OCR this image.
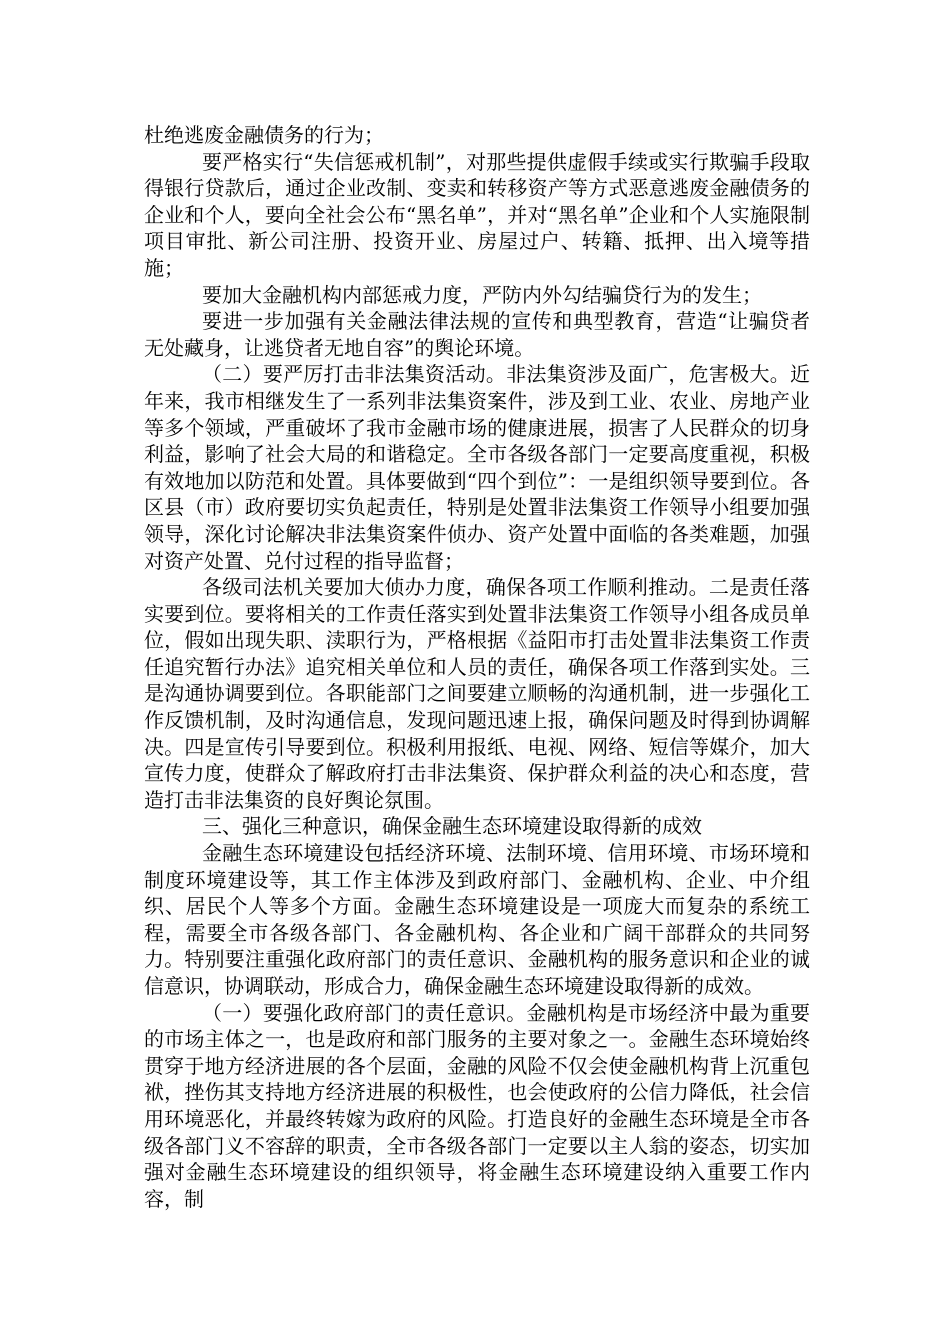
杜绝逃废金融债务的行为；

要严格实行“失信惩戒机制”，对那些提供虚假手续或实行欺骗手段取得银行贷款后，通过企业改制、变卖和转移资产等方式恶意逃废金融债务的企业和个人，要向全社会公布“黑名单”，并对“黑名单”企业和个人实施限制项目审批、新公司注册、投资开业、房屋过户、转籍、抵押、出入境等措施；

要加大金融机构内部惩戒力度，严防内外勾结骗贷行为的发生；

要进一步加强有关金融法律法规的宣传和典型教育，营造“让骗贷者无处藏身，让逃贷者无地自容”的舆论环境。

（二）要严厉打击非法集资活动。非法集资涉及面广，危害极大。近年来，我市相继发生了一系列非法集资案件，涉及到工业、农业、房地产业等多个领域，严重破坏了我市金融市场的健康进展，损害了人民群众的切身利益，影响了社会大局的和谐稳定。全市各级各部门一定要高度重视，积极有效地加以防范和处置。具体要做到“四个到位”：一是组织领导要到位。各区县（市）政府要切实负起责任，特别是处置非法集资工作领导小组要加强领导，深化讨论解决非法集资案件侦办、资产处置中面临的各类难题，加强对资产处置、兑付过程的指导监督；

各级司法机关要加大侦办力度，确保各项工作顺利推动。二是责任落实要到位。要将相关的工作责任落实到处置非法集资工作领导小组各成员单位，假如出现失职、渎职行为，严格根据《益阳市打击处置非法集资工作责任追究暂行办法》追究相关单位和人员的责任，确保各项工作落到实处。三是沟通协调要到位。各职能部门之间要建立顺畅的沟通机制，进一步强化工作反馈机制，及时沟通信息，发现问题迅速上报，确保问题及时得到协调解决。四是宣传引导要到位。积极利用报纸、电视、网络、短信等媒介，加大宣传力度，使群众了解政府打击非法集资、保护群众利益的决心和态度，营造打击非法集资的良好舆论氛围。

三、强化三种意识，确保金融生态环境建设取得新的成效

金融生态环境建设包括经济环境、法制环境、信用环境、市场环境和制度环境建设等，其工作主体涉及到政府部门、金融机构、企业、中介组织、居民个人等多个方面。金融生态环境建设是一项庞大而复杂的系统工程，需要全市各级各部门、各金融机构、各企业和广阔干部群众的共同努力。特别要注重强化政府部门的责任意识、金融机构的服务意识和企业的诚信意识，协调联动，形成合力，确保金融生态环境建设取得新的成效。

（一）要强化政府部门的责任意识。金融机构是市场经济中最为重要的市场主体之一，也是政府和部门服务的主要对象之一。金融生态环境始终贯穿于地方经济进展的各个层面，金融的风险不仅会使金融机构背上沉重包袱，挫伤其支持地方经济进展的积极性，也会使政府的公信力降低，社会信用环境恶化，并最终转嫁为政府的风险。打造良好的金融生态环境是全市各级各部门义不容辞的职责，全市各级各部门一定要以主人翁的姿态，切实加强对金融生态环境建设的组织领导，将金融生态环境建设纳入重要工作内容，制
